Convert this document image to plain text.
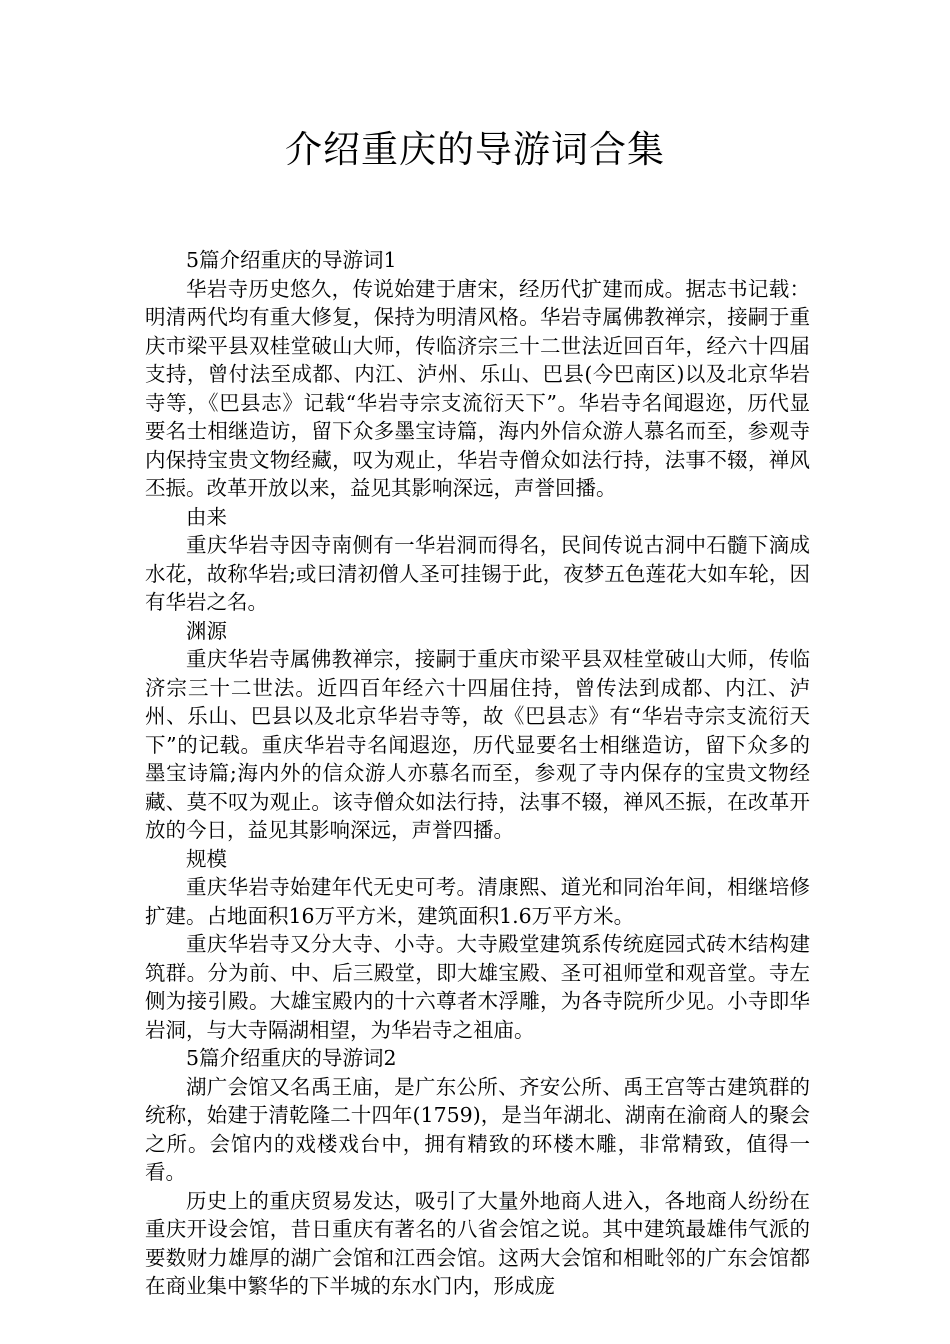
介绍重庆的导游词合集

5篇介绍重庆的导游词1

华岩寺历史悠久，传说始建于唐宋，经历代扩建而成。据志书记载：明清两代均有重大修复，保持为明清风格。华岩寺属佛教禅宗，接嗣于重庆市梁平县双桂堂破山大师，传临济宗三十二世法近回百年，经六十四届支持，曾付法至成都、内江、泸州、乐山、巴县(今巴南区)以及北京华岩寺等，《巴县志》记载“华岩寺宗支流衍天下”。华岩寺名闻遐迩，历代显要名士相继造访，留下众多墨宝诗篇，海内外信众游人慕名而至，参观寺内保持宝贵文物经藏，叹为观止，华岩寺僧众如法行持，法事不辍，禅风丕振。改革开放以来，益见其影响深远，声誉回播。

由来

重庆华岩寺因寺南侧有一华岩洞而得名，民间传说古洞中石髓下滴成水花，故称华岩;或曰清初僧人圣可挂锡于此，夜梦五色莲花大如车轮，因有华岩之名。

渊源

重庆华岩寺属佛教禅宗，接嗣于重庆市梁平县双桂堂破山大师，传临济宗三十二世法。近四百年经六十四届住持，曾传法到成都、内江、泸州、乐山、巴县以及北京华岩寺等，故《巴县志》有“华岩寺宗支流衍天下”的记载。重庆华岩寺名闻遐迩，历代显要名士相继造访，留下众多的墨宝诗篇;海内外的信众游人亦慕名而至，参观了寺内保存的宝贵文物经藏、莫不叹为观止。该寺僧众如法行持，法事不辍，禅风丕振，在改革开放的今日，益见其影响深远，声誉四播。

规模

重庆华岩寺始建年代无史可考。清康熙、道光和同治年间，相继培修扩建。占地面积16万平方米，建筑面积1.6万平方米。

重庆华岩寺又分大寺、小寺。大寺殿堂建筑系传统庭园式砖木结构建筑群。分为前、中、后三殿堂，即大雄宝殿、圣可祖师堂和观音堂。寺左侧为接引殿。大雄宝殿内的十六尊者木浮雕，为各寺院所少见。小寺即华岩洞，与大寺隔湖相望，为华岩寺之祖庙。

5篇介绍重庆的导游词2

湖广会馆又名禹王庙，是广东公所、齐安公所、禹王宫等古建筑群的统称，始建于清乾隆二十四年(1759)，是当年湖北、湖南在渝商人的聚会之所。会馆内的戏楼戏台中，拥有精致的环楼木雕，非常精致，值得一看。

历史上的重庆贸易发达，吸引了大量外地商人进入，各地商人纷纷在重庆开设会馆，昔日重庆有著名的八省会馆之说。其中建筑最雄伟气派的要数财力雄厚的湖广会馆和江西会馆。这两大会馆和相毗邻的广东会馆都在商业集中繁华的下半城的东水门内，形成庞
